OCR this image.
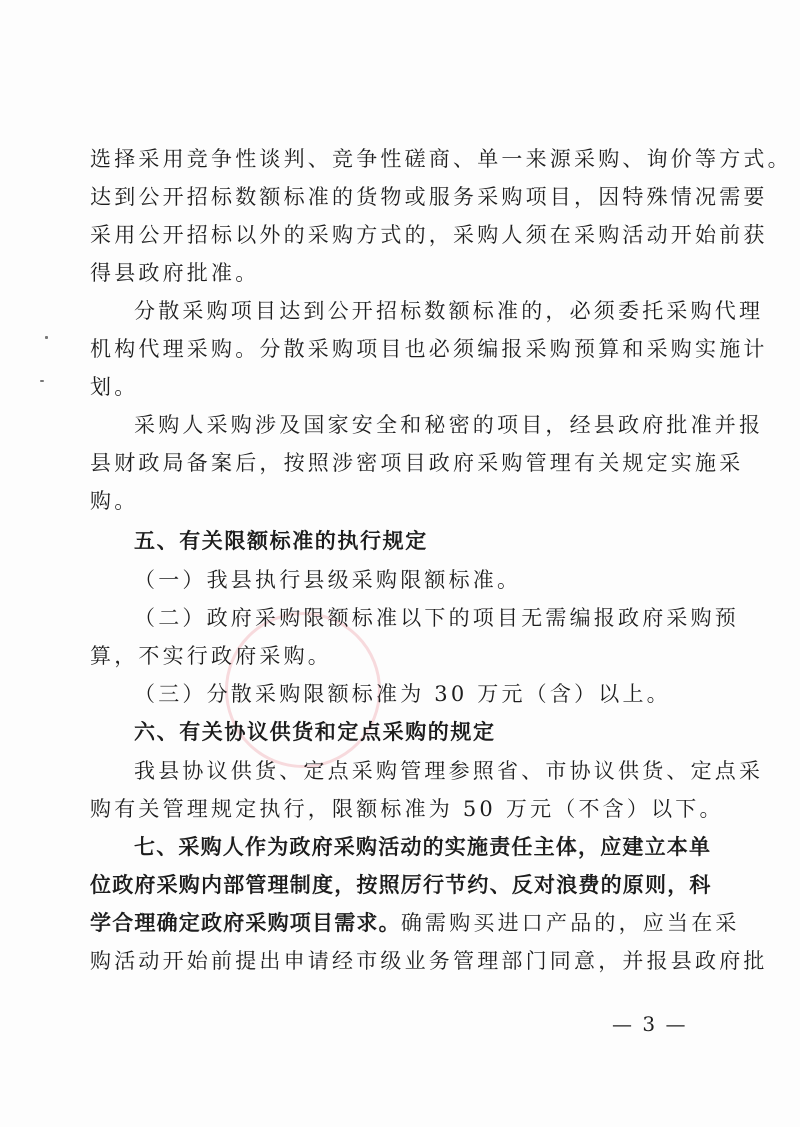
选择采用竞争性谈判、竞争性磋商、单一来源采购、询价等方式。
达到公开招标数额标准的货物或服务采购项目，因特殊情况需要
采用公开招标以外的采购方式的，采购人须在采购活动开始前获
得县政府批准。
分散采购项目达到公开招标数额标准的，必须委托采购代理
机构代理采购。分散采购项目也必须编报采购预算和采购实施计
划。
采购人采购涉及国家安全和秘密的项目，经县政府批准并报
县财政局备案后，按照涉密项目政府采购管理有关规定实施采
购。
五、有关限额标准的执行规定
（一）我县执行县级采购限额标准。
（二）政府采购限额标准以下的项目无需编报政府采购预
算，不实行政府采购。
（三）分散采购限额标准为 30 万元（含）以上。
六、有关协议供货和定点采购的规定
我县协议供货、定点采购管理参照省、市协议供货、定点采
购有关管理规定执行，限额标准为 50 万元（不含）以下。
七、采购人作为政府采购活动的实施责任主体，应建立本单
位政府采购内部管理制度，按照厉行节约、反对浪费的原则，科
学合理确定政府采购项目需求。确需购买进口产品的，应当在采
购活动开始前提出申请经市级业务管理部门同意，并报县政府批
— 3 —
